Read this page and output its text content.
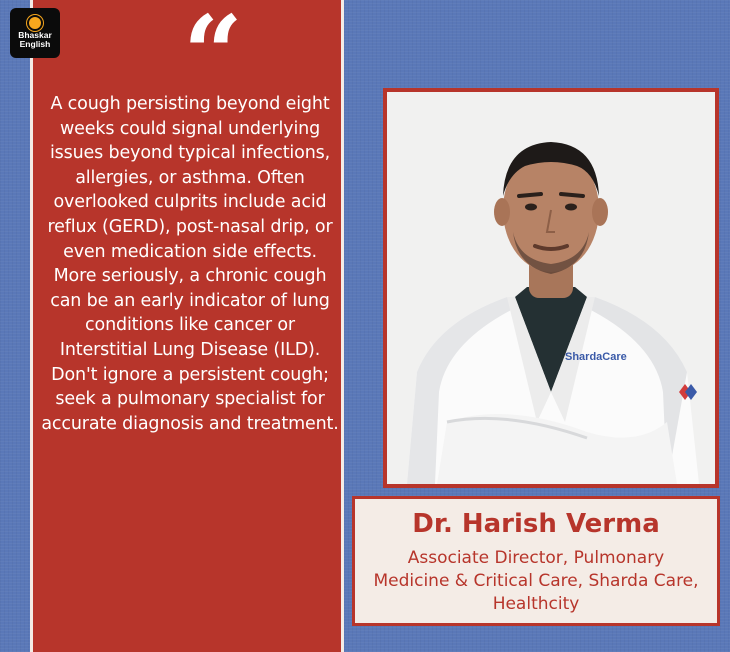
“
A cough persisting beyond eight weeks could signal underlying issues beyond typical infections, allergies, or asthma. Often overlooked culprits include acid reflux (GERD), post-nasal drip, or even medication side effects. More seriously, a chronic cough can be an early indicator of lung conditions like cancer or Interstitial Lung Disease (ILD). Don't ignore a persistent cough; seek a pulmonary specialist for accurate diagnosis and treatment.
Bhaskar
English
ShardaCare
Dr. Harish Verma
Associate Director, Pulmonary Medicine & Critical Care, Sharda Care, Healthcity
